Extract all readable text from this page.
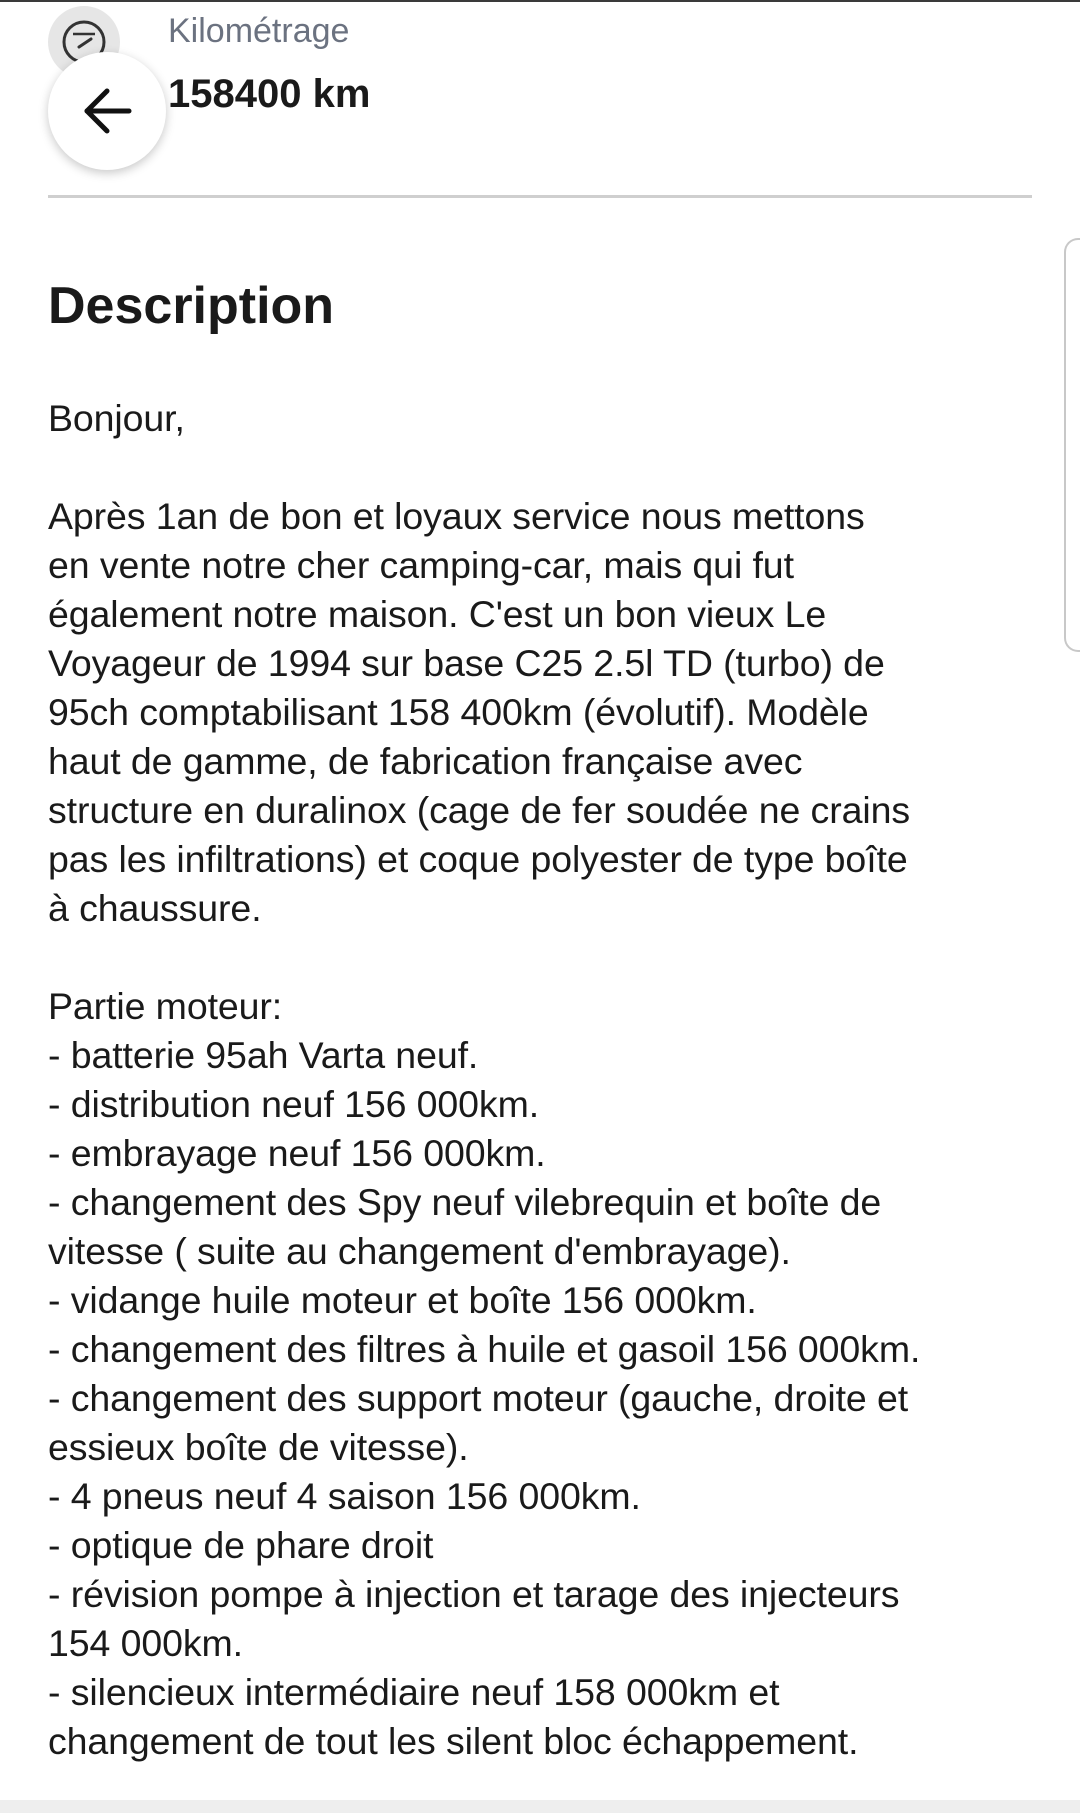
Kilométrage
158400 km
Description
Bonjour,

Après 1an de bon et loyaux service nous mettons
en vente notre cher camping-car, mais qui fut
également notre maison. C'est un bon vieux Le
Voyageur de 1994 sur base C25 2.5l TD (turbo) de
95ch comptabilisant 158 400km (évolutif). Modèle
haut de gamme, de fabrication française avec
structure en duralinox (cage de fer soudée ne crains
pas les infiltrations) et coque polyester de type boîte
à chaussure.

Partie moteur:
- batterie 95ah Varta neuf.
- distribution neuf 156 000km.
- embrayage neuf 156 000km.
- changement des Spy neuf vilebrequin et boîte de
vitesse ( suite au changement d'embrayage).
- vidange huile moteur et boîte 156 000km.
- changement des filtres à huile et gasoil 156 000km.
- changement des support moteur (gauche, droite et
essieux boîte de vitesse).
- 4 pneus neuf 4 saison 156 000km.
- optique de phare droit
- révision pompe à injection et tarage des injecteurs
154 000km.
- silencieux intermédiaire neuf 158 000km et
changement de tout les silent bloc échappement.
